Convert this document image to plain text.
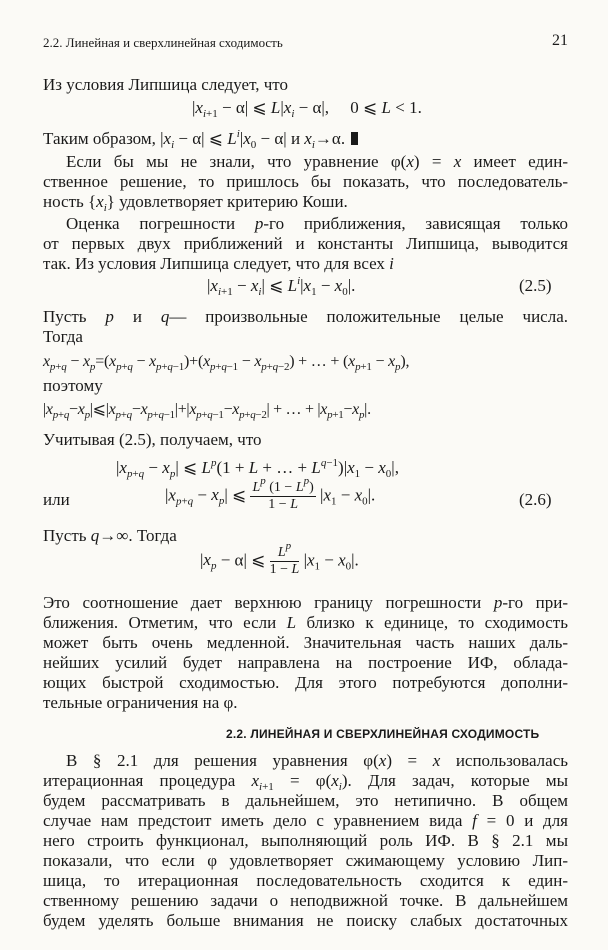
2.2. Линейная и сверхлинейная сходимость	21
Из условия Липшица следует, что
$|x_{i+1} - \alpha|$ ⩽ $L|x_i - \alpha|$,     0 ⩽ L < 1.
Таким образом, $|x_i - \alpha|$ ⩽ $L^i|x_0 - \alpha|$ и $x_i\to\alpha$.
Если бы мы не знали, что уравнение φ(x) = x имеет един-
ственное решение, то пришлось бы показать, что последователь-
ность $\{x_i\}$ удовлетворяет критерию Коши.
Оценка погрешности p-го приближения, зависящая только
от первых двух приближений и константы Липшица, выводится
так. Из условия Липшица следует, что для всех i
$|x_{i+1} - x_i|$ ⩽ $L^i|x_1 - x_0|$.	(2.5)
Пусть p и q— произвольные положительные целые числа.
Тогда
$x_{p+q} - x_p=(x_{p+q} - x_{p+q-1})+(x_{p+q-1} - x_{p+q-2})$ + … + $(x_{p+1} - x_p)$,
поэтому
$|x_{p+q}-x_p|⩽|x_{p+q}-x_{p+q-1}|+|x_{p+q-1}-x_{p+q-2}|$ + … + $|x_{p+1}-x_p|$.
Учитывая (2.5), получаем, что
$|x_{p+q} - x_p|$ ⩽ $L^p(1 + L$ + … + $L^{q-1})|x_1 - x_0|$,
или	$|x_{p+q} - x_p|$ ⩽ $\frac{L^p (1 - L^p)}{1 - L} |x_1 - x_0|$.	(2.6)
Пусть q→∞. Тогда
$|x_p - \alpha|$ ⩽ $\frac{L^p}{1 - L} |x_1 - x_0|$.
Это соотношение дает верхнюю границу погрешности p-го при-
ближения. Отметим, что если L близко к единице, то сходимость
может быть очень медленной. Значительная часть наших даль-
нейших усилий будет направлена на построение ИФ, облада-
ющих быстрой сходимостью. Для этого потребуются дополни-
тельные ограничения на φ.
2.2. ЛИНЕЙНАЯ И СВЕРХЛИНЕЙНАЯ СХОДИМОСТЬ
В § 2.1 для решения уравнения φ(x) = x использовалась
итерационная процедура $x_{i+1} = \varphi(x_i)$. Для задач, которые мы
будем рассматривать в дальнейшем, это нетипично. В общем
случае нам предстоит иметь дело с уравнением вида f = 0 и для
него строить функционал, выполняющий роль ИФ. В § 2.1 мы
показали, что если φ удовлетворяет сжимающему условию Лип-
шица, то итерационная последовательность сходится к един-
ственному решению задачи о неподвижной точке. В дальнейшем
будем уделять больше внимания не поиску слабых достаточных
